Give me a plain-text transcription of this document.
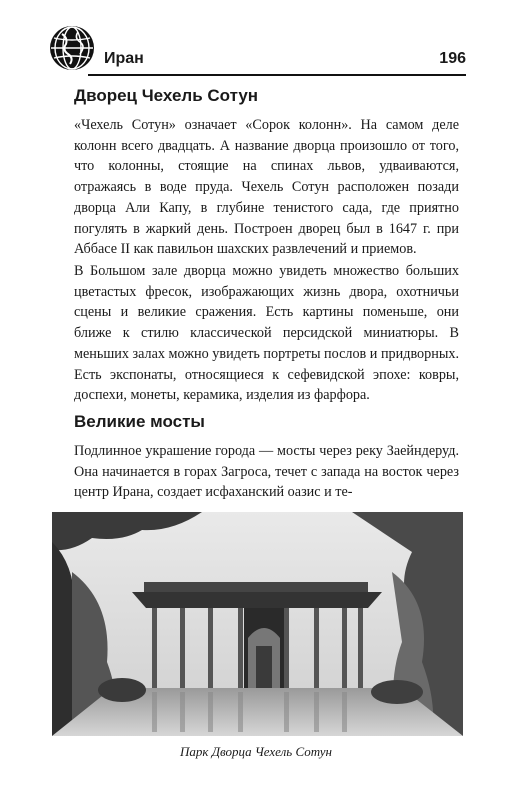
Иран	196
Дворец Чехель Сотун

«Чехель Сотун» означает «Сорок колонн». На самом деле колонн всего двадцать. А название дворца произошло от того, что колонны, стоящие на спинах львов, удваиваются, отражаясь в воде пруда. Чехель Сотун расположен позади дворца Али Капу, в глубине тенистого сада, где приятно погулять в жаркий день. Построен дворец был в 1647 г. при Аббасе II как павильон шахских развлечений и приемов.

В Большом зале дворца можно увидеть множество больших цветастых фресок, изображающих жизнь двора, охотничьи сцены и великие сражения. Есть картины поменьше, они ближе к стилю классической персидской миниатюры. В меньших залах можно увидеть портреты послов и придворных. Есть экспонаты, относящиеся к сефевидской эпохе: ковры, доспехи, монеты, керамика, изделия из фарфора.

Великие мосты

Подлинное украшение города — мосты через реку Заейндеруд. Она начинается в горах Загроса, течет с запада на восток через центр Ирана, создает исфаханский оазис и те-

Парк Дворца Чехель Сотун
